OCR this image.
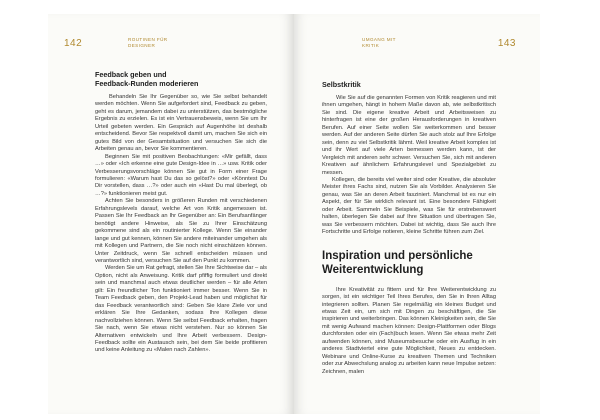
142	ROUTINEN FÜR
DESIGNER
Feedback geben und
Feedback-Runden moderieren

Behandeln Sie Ihr Gegenüber so, wie Sie selbst behandelt werden möchten. Wenn Sie aufgefordert sind, Feedback zu geben, geht es darum, jemandem dabei zu unterstützen, das bestmögliche Ergebnis zu erzielen. Es ist ein Vertrauensbeweis, wenn Sie um Ihr Urteil gebeten werden. Ein Gespräch auf Augenhöhe ist deshalb entscheidend. Bevor Sie respektvoll damit um, machen Sie sich ein gutes Bild von der Gesamtsituation und versuchen Sie sich die Arbeiten genau an, bevor Sie kommentieren.

Beginnen Sie mit positiven Beobachtungen: «Mir gefällt, dass …» oder «Ich erkenne eine gute Design-Idee in …» usw. Kritik oder Verbesserungsvorschläge können Sie gut in Form einer Frage formulieren: «Warum hast Du das so gelöst?» oder «Könntest Du Dir vorstellen, dass …?» oder auch ein «Hast Du mal überlegt, ob …?» funktionieren meist gut.

Achten Sie besonders in größeren Runden mit verschiedenen Erfahrungslevels darauf, welche Art von Kritik angemessen ist. Passen Sie Ihr Feedback an Ihr Gegenüber an: Ein Berufsanfänger benötigt andere Hinweise, als Sie zu Ihrer Einschätzung gekommene sind als ein routinierter Kollege. Wenn Sie einander lange und gut kennen, können Sie andere miteinander umgehen als mit Kollegen und Partnern, die Sie noch nicht einschätzen können. Unter Zeitdruck, wenn Sie schnell entscheiden müssen und verantwortlich sind, versuchen Sie auf den Punkt zu kommen.

Werden Sie um Rat gefragt, stellen Sie Ihre Sichtweise dar – als Option, nicht als Anweisung. Kritik darf pfiffig formuliert und direkt sein und manchmal auch etwas deutlicher werden – für alle Arten gilt: Ein freundlicher Ton funktioniert immer besser. Wenn Sie in Team Feedback geben, den Projekt-Lead haben und möglichst für das Feedback verantwortlich sind: Geben Sie klare Ziele vor und erklären Sie Ihre Gedanken, sodass Ihre Kollegen diese nachvollziehen können. Wenn Sie selbst Feedback erhalten, fragen Sie nach, wenn Sie etwas nicht verstehen. Nur so können Sie Alternativen entwickeln und Ihre Arbeit verbessern. Design-Feedback sollte ein Austausch sein, bei dem Sie beide profitieren und keine Anleitung zu «Malen nach Zahlen».

UMGANG MIT
KRITIK	143
Selbstkritik

Wie Sie auf die genannten Formen von Kritik reagieren und mit ihnen umgehen, hängt in hohem Maße davon ab, wie selbstkritisch Sie sind. Die eigene kreative Arbeit und Arbeitsweisen zu hinterfragen ist eine der großen Herausforderungen in kreativen Berufen. Auf einer Seite wollen Sie weiterkommen und besser werden. Auf der anderen Seite dürfen Sie auch stolz auf Ihre Erfolge sein, denn zu viel Selbstkritik lähmt. Weil kreative Arbeit komplex ist und ihr Wert auf viele Arten bemessen werden kann, ist der Vergleich mit anderen sehr schwer. Versuchen Sie, sich mit anderen Kreativen auf ähnlichem Erfahrungslevel und Spezialgebiet zu messen.

Kollegen, die bereits viel weiter sind oder Kreative, die absoluter Meister ihres Fachs sind, nutzen Sie als Vorbilder. Analysieren Sie genau, was Sie an deren Arbeit fasziniert. Manchmal ist es nur ein Aspekt, der für Sie wirklich relevant ist. Eine besondere Fähigkeit oder Arbeit. Sammeln Sie Beispiele, was Sie für erstrebenswert halten, überlegen Sie dabei auf Ihre Situation und übertragen Sie, was Sie verbessern möchten. Dabei ist wichtig, dass Sie auch Ihre Fortschritte und Erfolge notieren, kleine Schritte führen zum Ziel.

Inspiration und persönliche
Weiterentwicklung

Ihre Kreativität zu fittern und für Ihre Weiterentwicklung zu sorgen, ist ein wichtiger Teil Ihres Berufes, den Sie in Ihren Alltag integrieren sollten. Planen Sie regelmäßig ein kleines Budget und etwas Zeit ein, um sich mit Dingen zu beschäftigen, die Sie inspirieren und weiterbringen. Das können Kleinigkeiten sein, die Sie mit wenig Aufwand machen können: Design-Plattformen oder Blogs durchforsten oder ein (Fach)buch lesen. Wenn Sie etwas mehr Zeit aufwenden können, sind Museumsbesuche oder ein Ausflug in ein anderes Stadtviertel eine gute Möglichkeit, Neues zu entdecken. Webinare und Online-Kurse zu kreativen Themen und Techniken oder zur Abwechslung analog zu arbeiten kann neue Impulse setzen: Zeichnen, malen
